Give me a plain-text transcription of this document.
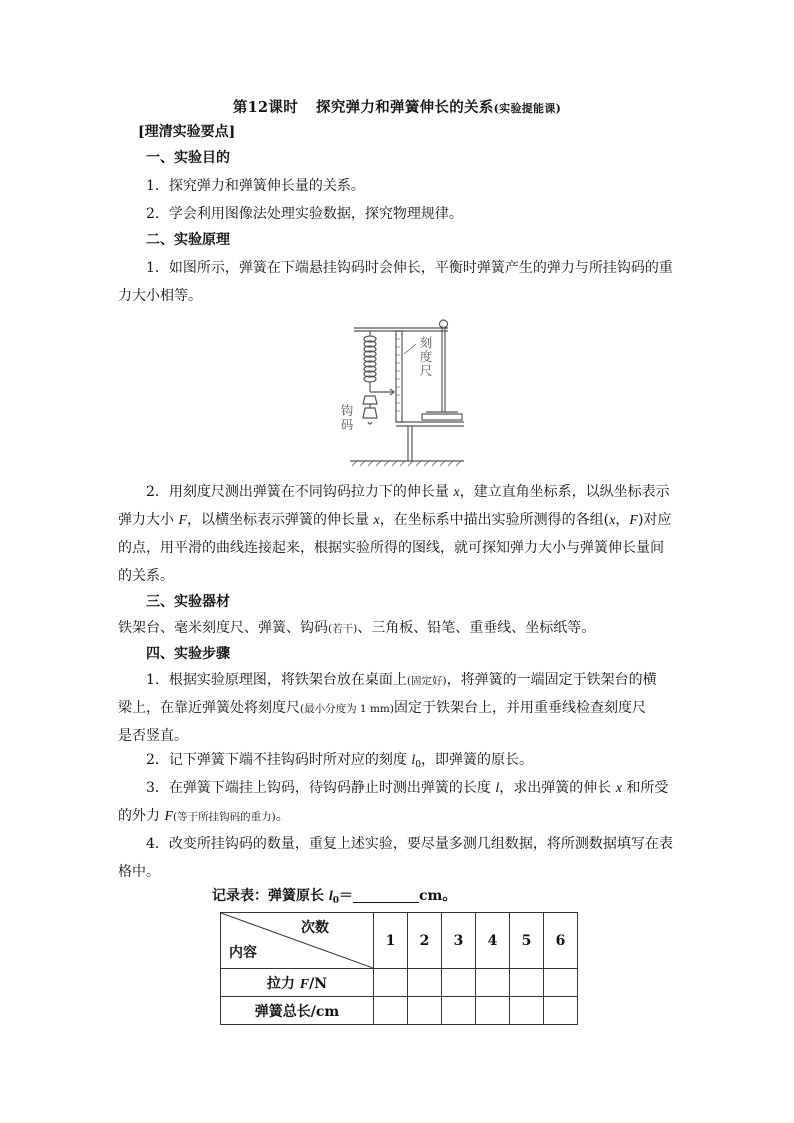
第12课时 探究弹力和弹簧伸长的关系(实验提能课)
[理清实验要点]
一、实验目的
1．探究弹力和弹簧伸长量的关系。
2．学会利用图像法处理实验数据，探究物理规律。
二、实验原理
1．如图所示，弹簧在下端悬挂钩码时会伸长，平衡时弹簧产生的弹力与所挂钩码的重
力大小相等。
刻度尺
钩码
2．用刻度尺测出弹簧在不同钩码拉力下的伸长量 x，建立直角坐标系，以纵坐标表示
弹力大小 F，以横坐标表示弹簧的伸长量 x，在坐标系中描出实验所测得的各组(x，F)对应
的点，用平滑的曲线连接起来，根据实验所得的图线，就可探知弹力大小与弹簧伸长量间
的关系。
三、实验器材
铁架台、毫米刻度尺、弹簧、钩码(若干)、三角板、铅笔、重垂线、坐标纸等。
四、实验步骤
1．根据实验原理图，将铁架台放在桌面上(固定好)，将弹簧的一端固定于铁架台的横
梁上，在靠近弹簧处将刻度尺(最小分度为 1 mm)固定于铁架台上，并用重垂线检查刻度尺
是否竖直。
2．记下弹簧下端不挂钩码时所对应的刻度 $l_0$，即弹簧的原长。
3．在弹簧下端挂上钩码，待钩码静止时测出弹簧的长度 l，求出弹簧的伸长 x 和所受
的外力 F(等于所挂钩码的重力)。
4．改变所挂钩码的数量，重复上述实验，要尽量多测几组数据，将所测数据填写在表
格中。
记录表：弹簧原长 $l_0=$	cm。
次数
内容	1	2	3	4	5	6
拉力 F/N						
弹簧总长/cm						
